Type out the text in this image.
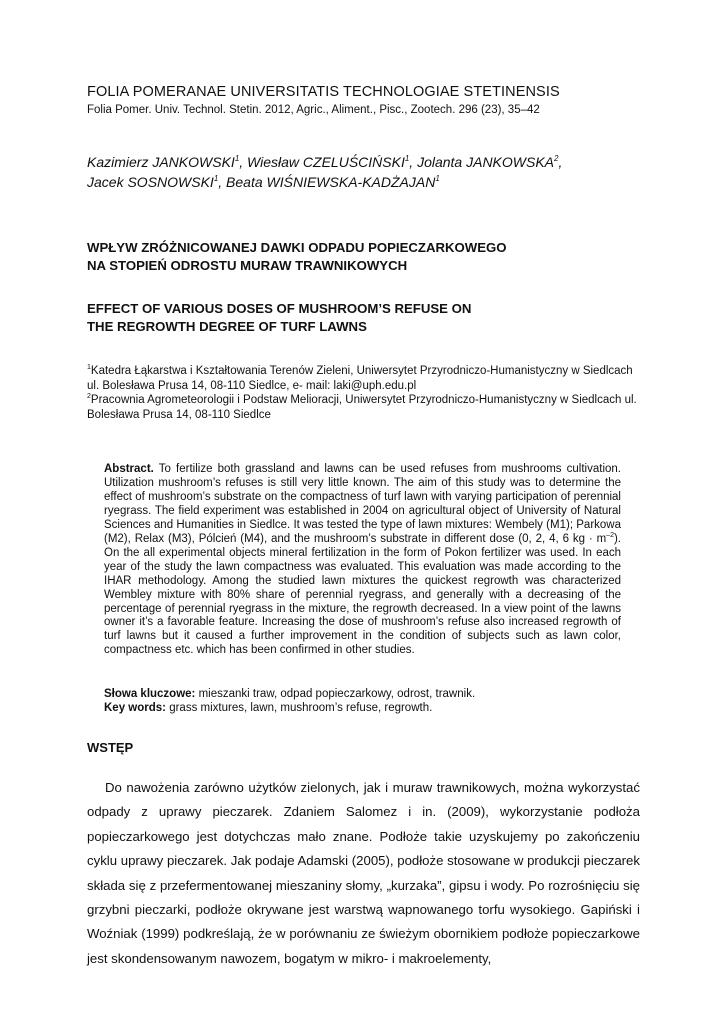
FOLIA POMERANAE UNIVERSITATIS TECHNOLOGIAE STETINENSIS
Folia Pomer. Univ. Technol. Stetin. 2012, Agric., Aliment., Pisc., Zootech. 296 (23), 35–42
Kazimierz JANKOWSKI$^1$, Wiesław CZELUŚCIŃSKI$^1$, Jolanta JANKOWSKA$^2$,
Jacek SOSNOWSKI$^1$, Beata WIŚNIEWSKA-KADŻAJAN$^1$
WPŁYW ZRÓŻNICOWANEJ DAWKI ODPADU POPIECZARKOWEGO
NA STOPIEŃ ODROSTU MURAW TRAWNIKOWYCH
EFFECT OF VARIOUS DOSES OF MUSHROOM’S REFUSE ON
THE REGROWTH DEGREE OF TURF LAWNS
$^1$Katedra Łąkarstwa i Kształtowania Terenów Zieleni, Uniwersytet Przyrodniczo-Humanistyczny w Siedlcach ul. Bolesława Prusa 14, 08-110 Siedlce, e- mail: laki@uph.edu.pl
$^2$Pracownia Agrometeorologii i Podstaw Melioracji, Uniwersytet Przyrodniczo-Humanistyczny w Siedlcach ul. Bolesława Prusa 14, 08-110 Siedlce
Abstract. To fertilize both grassland and lawns can be used refuses from mushrooms cultivation. Utilization mushroom’s refuses is still very little known. The aim of this study was to determine the effect of mushroom’s substrate on the compactness of turf lawn with varying participation of perennial ryegrass. The field experiment was established in 2004 on agricultural object of University of Natural Sciences and Humanities in Siedlce. It was tested the type of lawn mixtures: Wembely (M1); Parkowa (M2), Relax (M3), Pólcień (M4), and the mushroom’s substrate in different dose (0, 2, 4, 6 kg · $m^{-2}$). On the all experimental objects mineral fertilization in the form of Pokon fertilizer was used. In each year of the study the lawn compactness was evaluated. This evaluation was made according to the IHAR methodology. Among the studied lawn mixtures the quickest regrowth was characterized Wembley mixture with 80% share of perennial ryegrass, and generally with a decreasing of the percentage of perennial ryegrass in the mixture, the regrowth decreased. In a view point of the lawns owner it’s a favorable feature. Increasing the dose of mushroom’s refuse also increased regrowth of turf lawns but it caused a further improvement in the condition of subjects such as lawn color, compactness etc. which has been confirmed in other studies.
Słowa kluczowe: mieszanki traw, odpad popieczarkowy, odrost, trawnik.
Key words: grass mixtures, lawn, mushroom’s refuse, regrowth.
WSTĘP

Do nawożenia zarówno użytków zielonych, jak i muraw trawnikowych, można wykorzystać odpady z uprawy pieczarek. Zdaniem Salomez i in. (2009), wykorzystanie podłoża popieczarkowego jest dotychczas mało znane. Podłoże takie uzyskujemy po zakończeniu cyklu uprawy pieczarek. Jak podaje Adamski (2005), podłoże stosowane w produkcji pieczarek składa się z przefermentowanej mieszaniny słomy, „kurzaka”, gipsu i wody. Po rozrośnięciu się grzybni pieczarki, podłoże okrywane jest warstwą wapnowanego torfu wysokiego. Gapiński i Woźniak (1999) podkreślają, że w porównaniu ze świeżym obornikiem podłoże popieczarkowe jest skondensowanym nawozem, bogatym w mikro- i makroelementy,
